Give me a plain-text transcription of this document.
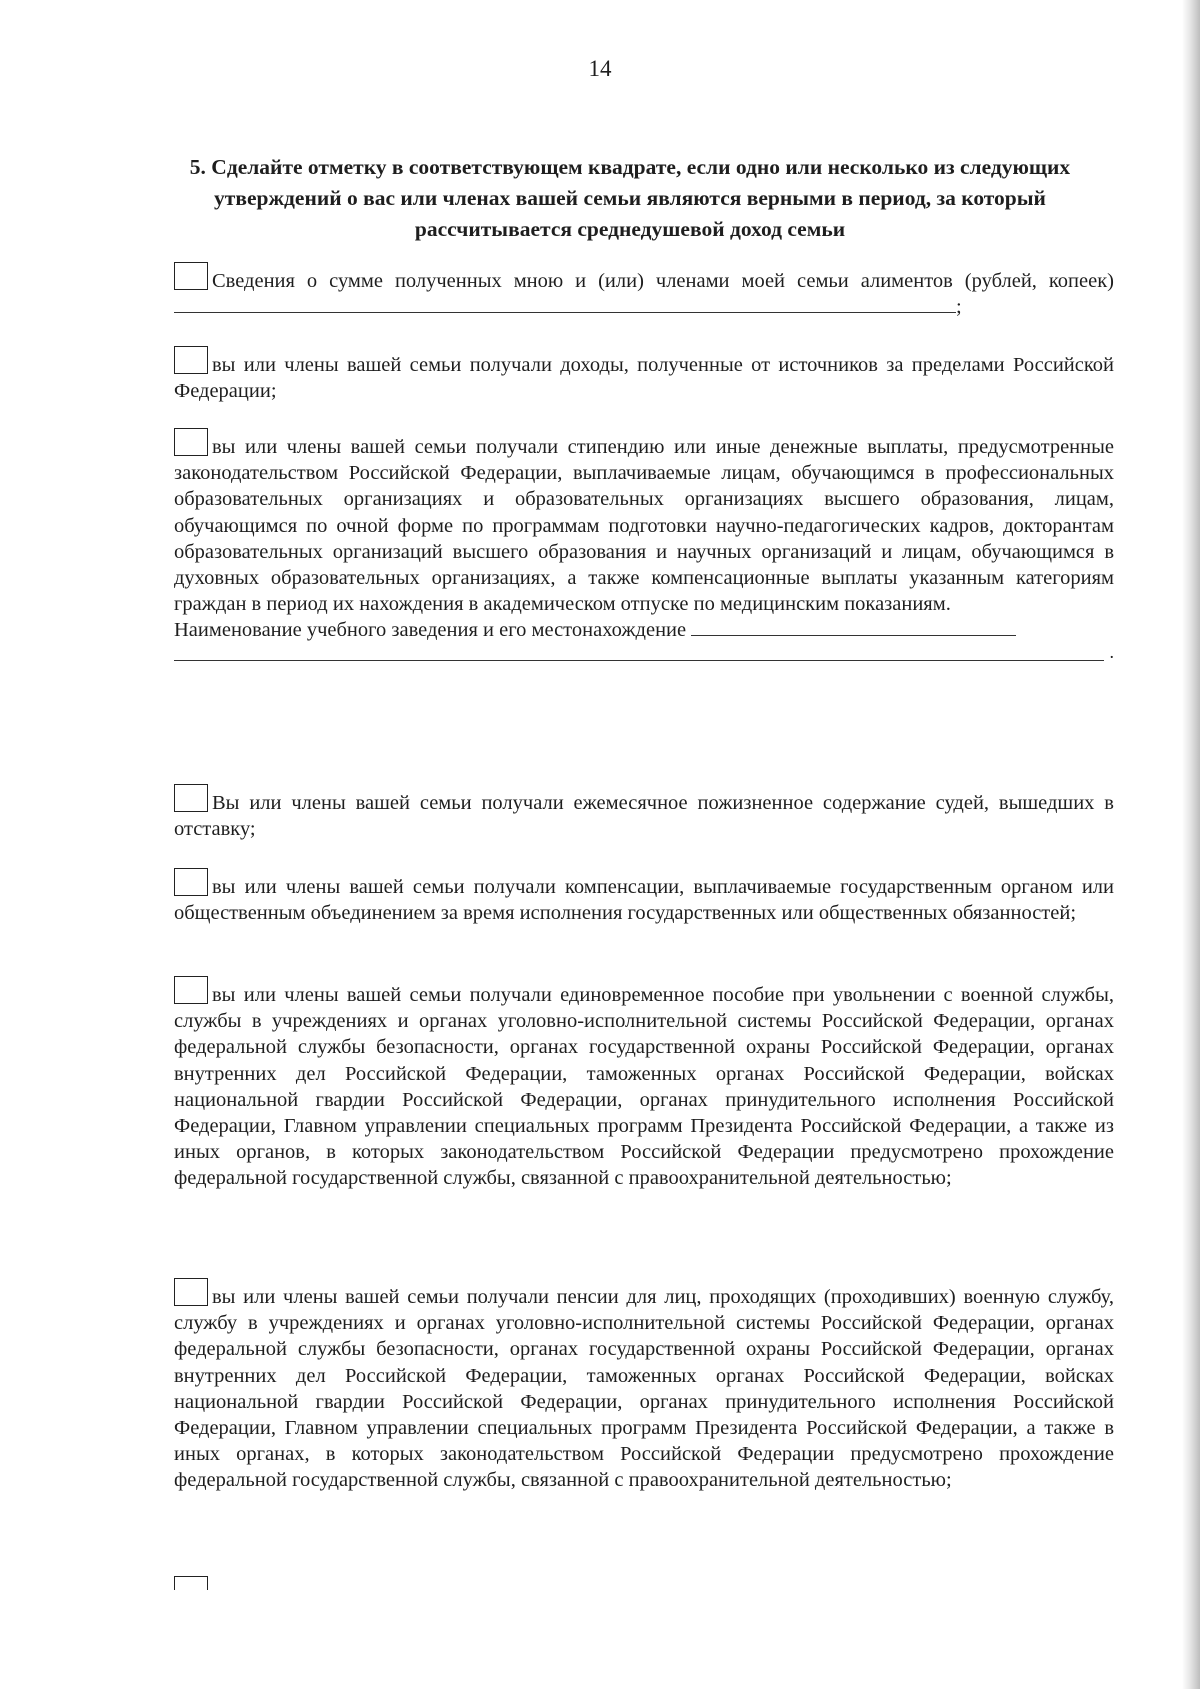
14
5. Сделайте отметку в соответствующем квадрате, если одно или несколько из следующих утверждений о вас или членах вашей семьи являются верными в период, за который рассчитывается среднедушевой доход семьи

Сведения о сумме полученных мною и (или) членами моей семьи алиментов (рублей, копеек) ;

вы или члены вашей семьи получали доходы, полученные от источников за пределами Российской Федерации;

вы или члены вашей семьи получали стипендию или иные денежные выплаты, предусмотренные законодательством Российской Федерации, выплачиваемые лицам, обучающимся в профессиональных образовательных организациях и образовательных организациях высшего образования, лицам, обучающимся по очной форме по программам подготовки научно-педагогических кадров, докторантам образовательных организаций высшего образования и научных организаций и лицам, обучающимся в духовных образовательных организациях, а также компенсационные выплаты указанным категориям граждан в период их нахождения в академическом отпуске по медицинским показаниям.

Наименование учебного заведения и его местонахождение

.

Вы или члены вашей семьи получали ежемесячное пожизненное содержание судей, вышедших в отставку;

вы или члены вашей семьи получали компенсации, выплачиваемые государственным органом или общественным объединением за время исполнения государственных или общественных обязанностей;

вы или члены вашей семьи получали единовременное пособие при увольнении с военной службы, службы в учреждениях и органах уголовно-исполнительной системы Российской Федерации, органах федеральной службы безопасности, органах государственной охраны Российской Федерации, органах внутренних дел Российской Федерации, таможенных органах Российской Федерации, войсках национальной гвардии Российской Федерации, органах принудительного исполнения Российской Федерации, Главном управлении специальных программ Президента Российской Федерации, а также из иных органов, в которых законодательством Российской Федерации предусмотрено прохождение федеральной государственной службы, связанной с правоохранительной деятельностью;

вы или члены вашей семьи получали пенсии для лиц, проходящих (проходивших) военную службу, службу в учреждениях и органах уголовно-исполнительной системы Российской Федерации, органах федеральной службы безопасности, органах государственной охраны Российской Федерации, органах внутренних дел Российской Федерации, таможенных органах Российской Федерации, войсках национальной гвардии Российской Федерации, органах принудительного исполнения Российской Федерации, Главном управлении специальных программ Президента Российской Федерации, а также в иных органах, в которых законодательством Российской Федерации предусмотрено прохождение федеральной государственной службы, связанной с правоохранительной деятельностью;
